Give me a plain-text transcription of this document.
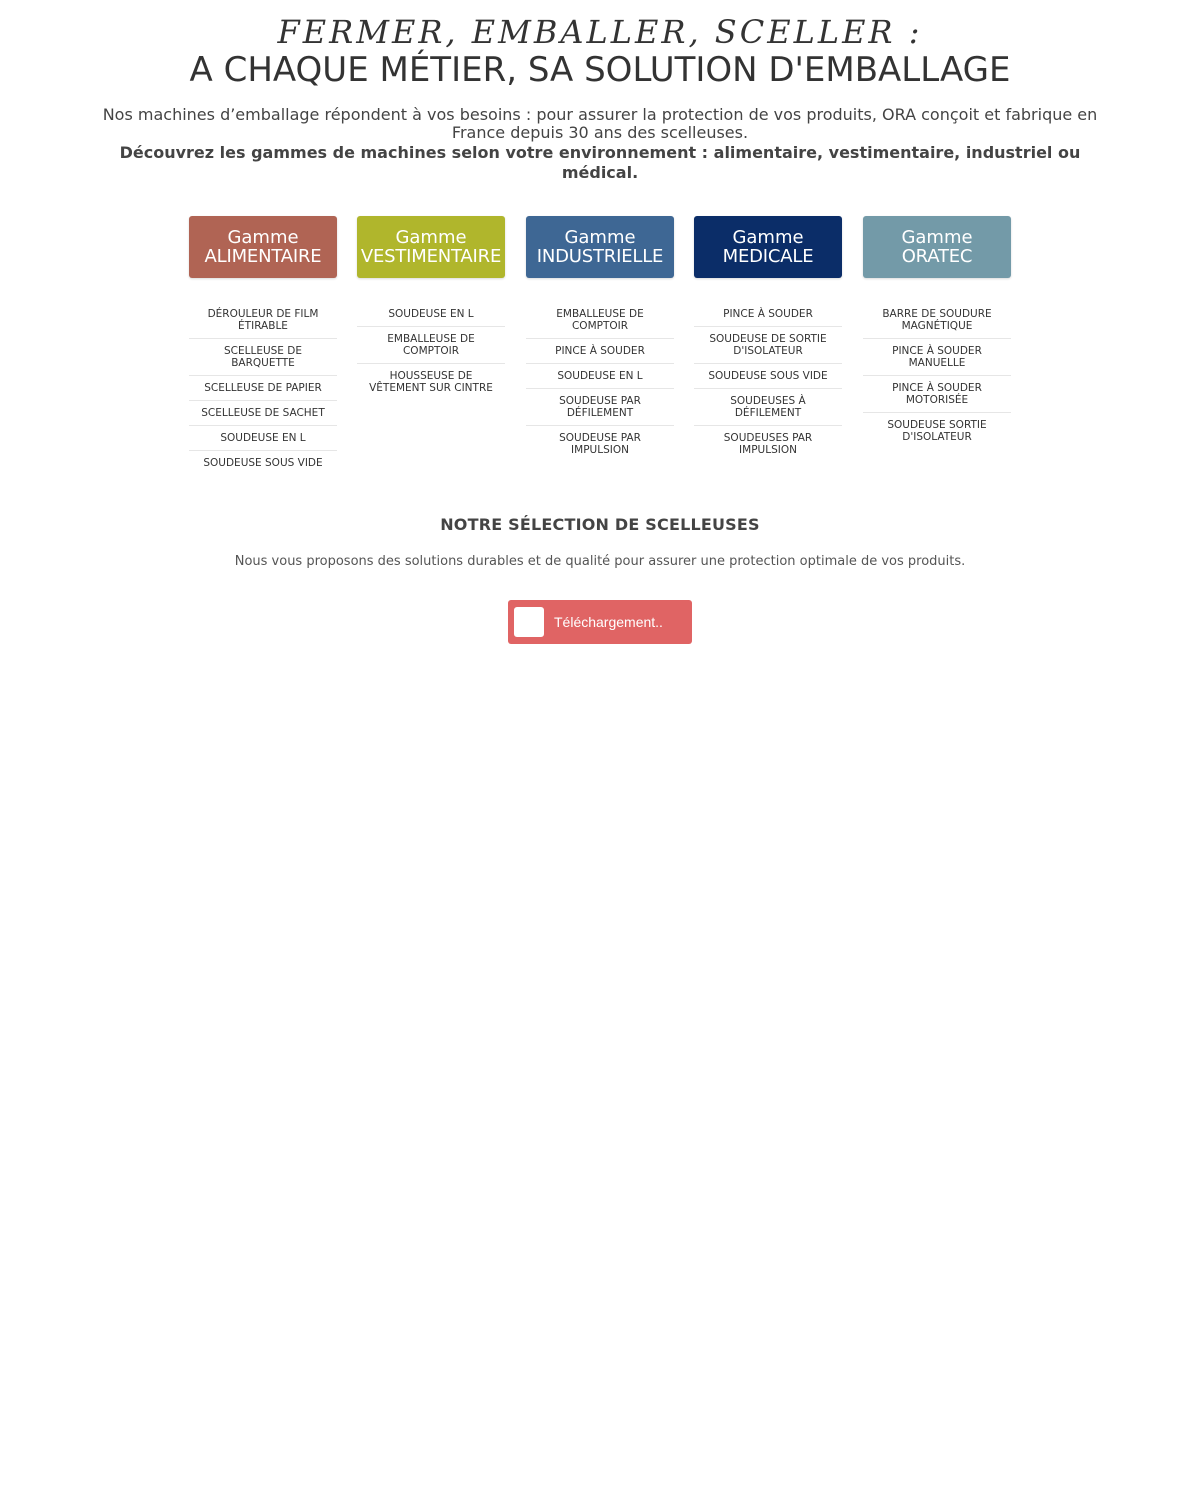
FERMER, EMBALLER, SCELLER :
A CHAQUE MÉTIER, SA SOLUTION D'EMBALLAGE
Nos machines d’emballage répondent à vos besoins : pour assurer la protection de vos produits, ORA conçoit et fabrique en France depuis 30 ans des scelleuses.
Découvrez les gammes de machines selon votre environnement : alimentaire, vestimentaire, industriel ou médical.
Gamme
ALIMENTAIRE
DÉROULEUR DE FILM ÉTIRABLE
SCELLEUSE DE BARQUETTE
SCELLEUSE DE PAPIER
SCELLEUSE DE SACHET
SOUDEUSE EN L
SOUDEUSE SOUS VIDE
Gamme
VESTIMENTAIRE
SOUDEUSE EN L
EMBALLEUSE DE COMPTOIR
HOUSSEUSE DE VÊTEMENT SUR CINTRE
Gamme
INDUSTRIELLE
EMBALLEUSE DE COMPTOIR
PINCE À SOUDER
SOUDEUSE EN L
SOUDEUSE PAR DÉFILEMENT
SOUDEUSE PAR IMPULSION
Gamme
MEDICALE
PINCE À SOUDER
SOUDEUSE DE SORTIE D'ISOLATEUR
SOUDEUSE SOUS VIDE
SOUDEUSES À DÉFILEMENT
SOUDEUSES PAR IMPULSION
Gamme
ORATEC
BARRE DE SOUDURE MAGNÉTIQUE
PINCE À SOUDER MANUELLE
PINCE À SOUDER MOTORISÉE
SOUDEUSE SORTIE D'ISOLATEUR
NOTRE SÉLECTION DE SCELLEUSES
Nous vous proposons des solutions durables et de qualité pour assurer une protection optimale de vos produits.
Téléchargement..
